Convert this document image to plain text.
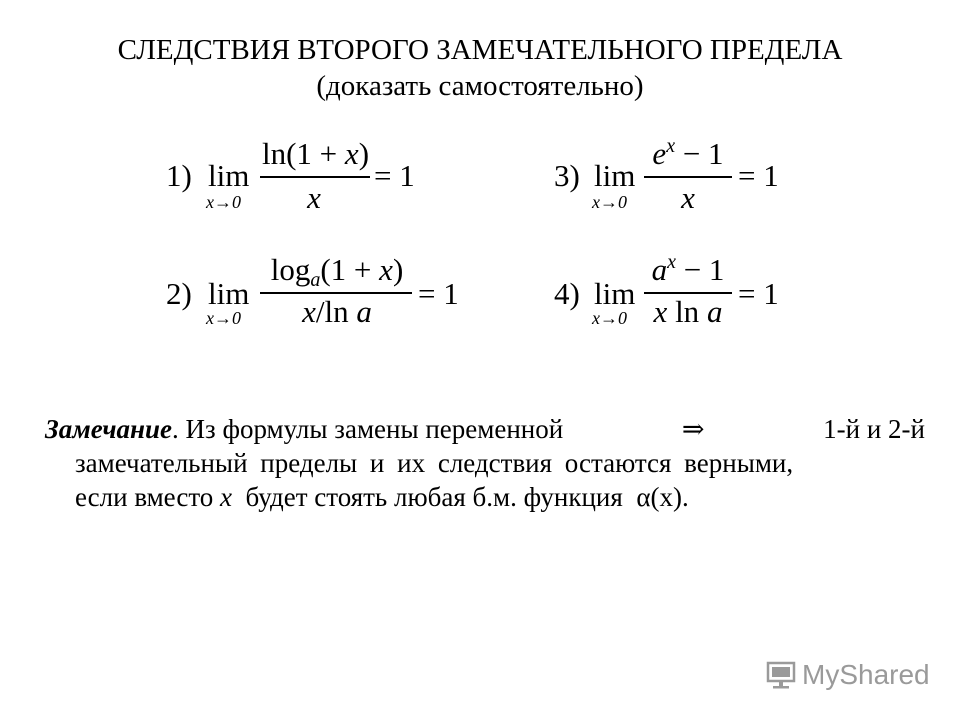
СЛЕДСТВИЯ ВТОРОГО ЗАМЕЧАТЕЛЬНОГО ПРЕДЕЛА
(доказать самостоятельно)
1) lim
x→0
ln(1 + x)
x
= 1
2) lim
x→0
$\log_a(1 + x)$
x/ln a
= 1
3) lim
x→0
$e^x - 1$
x
= 1
4) lim
x→0
$a^x - 1$
x ln a
= 1
Замечание. Из формулы замены переменной	⇒	1-й и 2-й
замечательный пределы и их следствия остаются верными,
если вместо x  будет стоять любая б.м. функция  α(x).
MyShared
